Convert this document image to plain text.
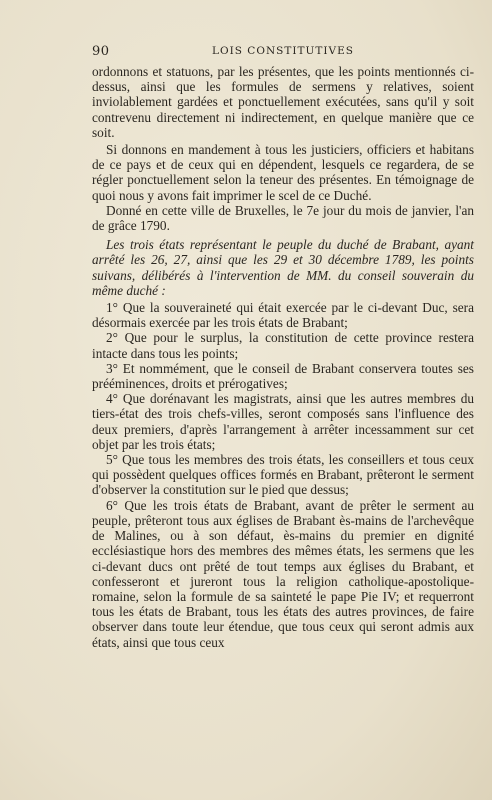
90	LOIS CONSTITUTIVES

ordonnons et statuons, par les présentes, que les points mentionnés ci-dessus, ainsi que les formules de sermens y relatives, soient inviolablement gardées et ponctuellement exécutées, sans qu'il y soit contrevenu directement ni indirectement, en quelque manière que ce soit.

Si donnons en mandement à tous les justiciers, officiers et habitans de ce pays et de ceux qui en dépendent, lesquels ce regardera, de se régler ponctuellement selon la teneur des présentes. En témoignage de quoi nous y avons fait imprimer le scel de ce Duché.

Donné en cette ville de Bruxelles, le 7e jour du mois de janvier, l'an de grâce 1790.

Les trois états représentant le peuple du duché de Brabant, ayant arrêté les 26, 27, ainsi que les 29 et 30 décembre 1789, les points suivans, délibérés à l'intervention de MM. du conseil souverain du même duché :

1° Que la souveraineté qui était exercée par le ci-devant Duc, sera désormais exercée par les trois états de Brabant;

2° Que pour le surplus, la constitution de cette province restera intacte dans tous les points;

3° Et nommément, que le conseil de Brabant conservera toutes ses prééminences, droits et prérogatives;

4° Que dorénavant les magistrats, ainsi que les autres membres du tiers-état des trois chefs-villes, seront composés sans l'influence des deux premiers, d'après l'arrangement à arrêter incessamment sur cet objet par les trois états;

5° Que tous les membres des trois états, les conseillers et tous ceux qui possèdent quelques offices formés en Brabant, prêteront le serment d'observer la constitution sur le pied que dessus;

6° Que les trois états de Brabant, avant de prêter le serment au peuple, prêteront tous aux églises de Brabant ès-mains de l'archevêque de Malines, ou à son défaut, ès-mains du premier en dignité ecclésiastique hors des membres des mêmes états, les sermens que les ci-devant ducs ont prêté de tout temps aux églises du Brabant, et confesseront et jureront tous la religion catholique-apostolique-romaine, selon la formule de sa sainteté le pape Pie IV; et requerront tous les états de Brabant, tous les états des autres provinces, de faire observer dans toute leur étendue, que tous ceux qui seront admis aux états, ainsi que tous ceux
